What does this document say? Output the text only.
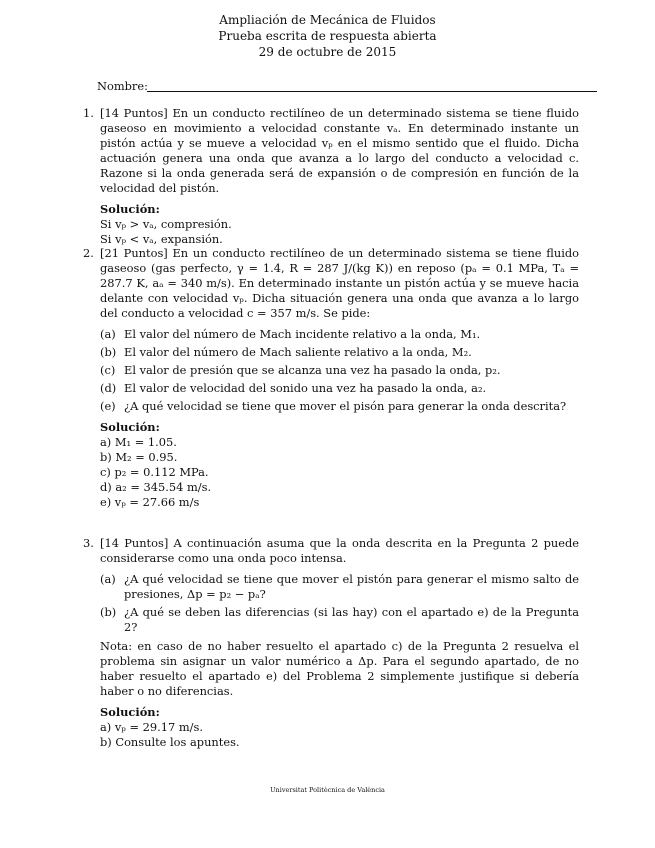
Ampliación de Mecánica de Fluidos
Prueba escrita de respuesta abierta
29 de octubre de 2015
Nombre:
1. [14 Puntos] En un conducto rectilíneo de un determinado sistema se tiene fluido gaseoso en movimiento a velocidad constante vₐ. En determinado instante un pistón actúa y se mueve a velocidad vₚ en el mismo sentido que el fluido. Dicha actuación genera una onda que avanza a lo largo del conducto a velocidad c. Razone si la onda generada será de expansión o de compresión en función de la velocidad del pistón.
Solución:
Si vₚ > vₐ, compresión.
Si vₚ < vₐ, expansión.
2. [21 Puntos] En un conducto rectilíneo de un determinado sistema se tiene fluido gaseoso (gas perfecto, γ = 1.4, R = 287 J/(kg K)) en reposo (pₐ = 0.1 MPa, Tₐ = 287.7 K, aₐ = 340 m/s). En determinado instante un pistón actúa y se mueve hacia delante con velocidad vₚ. Dicha situación genera una onda que avanza a lo largo del conducto a velocidad c = 357 m/s. Se pide:
(a) El valor del número de Mach incidente relativo a la onda, M₁.
(b) El valor del número de Mach saliente relativo a la onda, M₂.
(c) El valor de presión que se alcanza una vez ha pasado la onda, p₂.
(d) El valor de velocidad del sonido una vez ha pasado la onda, a₂.
(e) ¿A qué velocidad se tiene que mover el pisón para generar la onda descrita?
Solución:
a) M₁ = 1.05.
b) M₂ = 0.95.
c) p₂ = 0.112 MPa.
d) a₂ = 345.54 m/s.
e) vₚ = 27.66 m/s
3. [14 Puntos] A continuación asuma que la onda descrita en la Pregunta 2 puede considerarse como una onda poco intensa.
(a) ¿A qué velocidad se tiene que mover el pistón para generar el mismo salto de presiones, Δp = p₂ − pₐ?
(b) ¿A qué se deben las diferencias (si las hay) con el apartado e) de la Pregunta 2?
Nota: en caso de no haber resuelto el apartado c) de la Pregunta 2 resuelva el problema sin asignar un valor numérico a Δp. Para el segundo apartado, de no haber resuelto el apartado e) del Problema 2 simplemente justifique si debería haber o no diferencias.
Solución:
a) vₚ = 29.17 m/s.
b) Consulte los apuntes.
Universitat Politècnica de València
